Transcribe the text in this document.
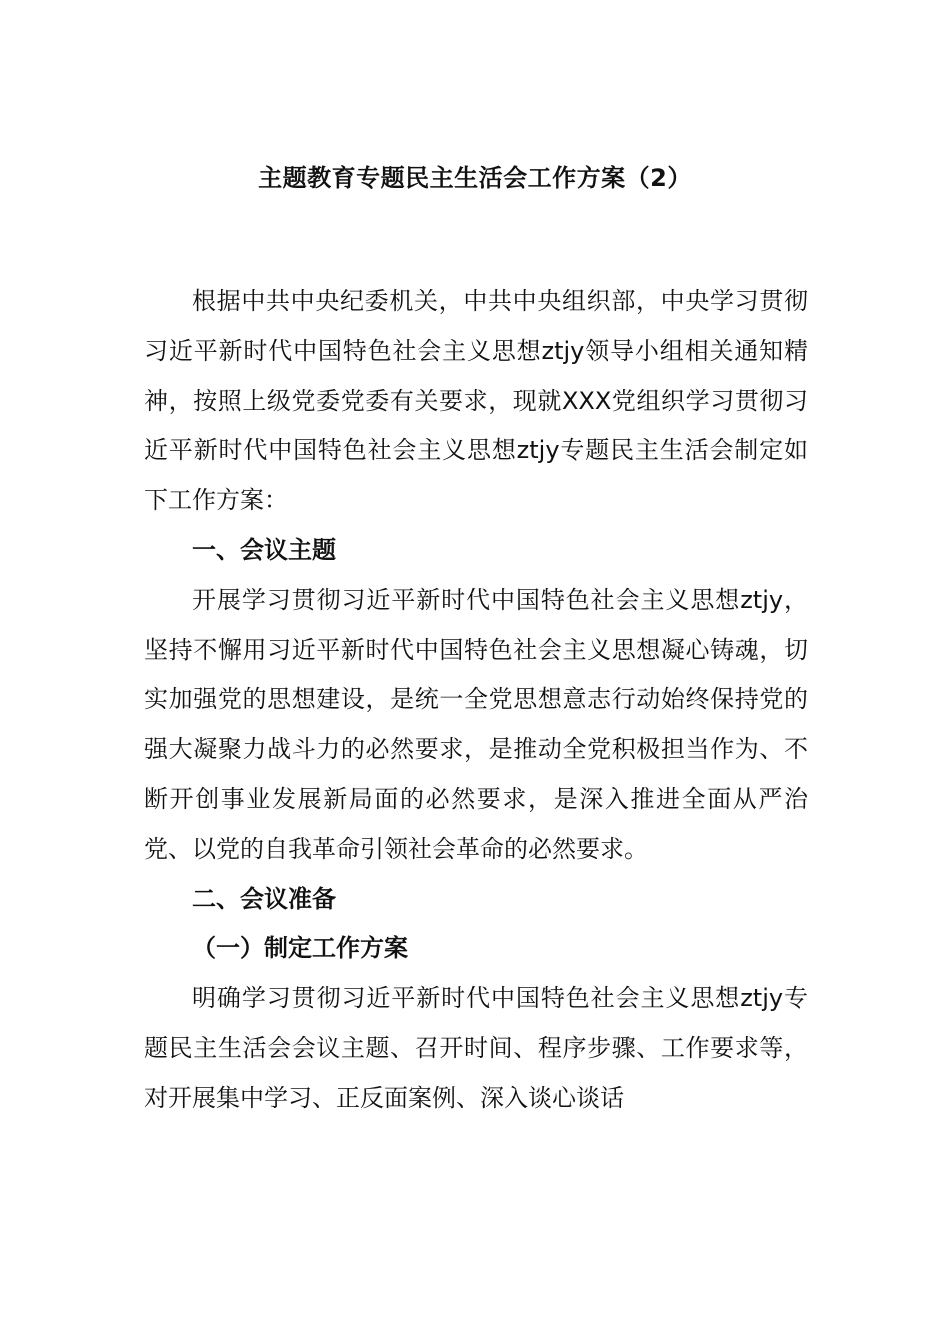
主题教育专题民主生活会工作方案（2）

根据中共中央纪委机关，中共中央组织部，中央学习贯彻习近平新时代中国特色社会主义思想ztjy领导小组相关通知精神，按照上级党委党委有关要求，现就XXX党组织学习贯彻习近平新时代中国特色社会主义思想ztjy专题民主生活会制定如下工作方案：

一、会议主题

开展学习贯彻习近平新时代中国特色社会主义思想ztjy，坚持不懈用习近平新时代中国特色社会主义思想凝心铸魂，切实加强党的思想建设，是统一全党思想意志行动始终保持党的强大凝聚力战斗力的必然要求，是推动全党积极担当作为、不断开创事业发展新局面的必然要求，是深入推进全面从严治党、以党的自我革命引领社会革命的必然要求。

二、会议准备

（一）制定工作方案

明确学习贯彻习近平新时代中国特色社会主义思想ztjy专题民主生活会会议主题、召开时间、程序步骤、工作要求等，对开展集中学习、正反面案例、深入谈心谈话
